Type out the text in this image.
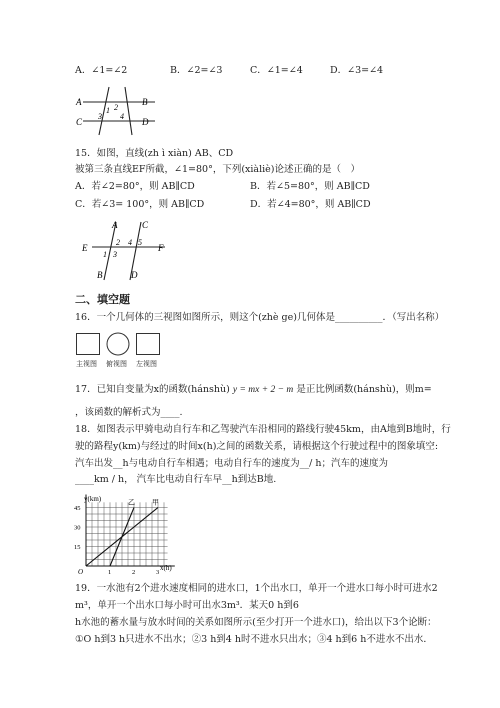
A．∠1=∠2	B．∠2=∠3	C．∠1=∠4	D．∠3=∠4
A	B
C	D
1 2
3 4
15．如图，直线(zh ì xiàn) AB、CD
被第三条直线EF所截，∠1=80°，下列(xiàliè)论述正确的是（　）
A．若∠2=80°，则 AB∥CD	B．若∠5=80°，则 AB∥CD
C．若∠3= 100°，则 AB∥CD	D．若∠4=80°，则 AB∥CD
A	C
E	F
B	D
1
2
3
4 5
二、填空题
16．一个几何体的三视图如图所示，则这个(zhè ge)几何体是__________．（写出名称）
主视图 俯视图 左视图
17．已知自变量为x的函数(hánshù) y = mx + 2 − m 是正比例函数(hánshù)，则m=
，该函数的解析式为____.
18．如图表示甲骑电动自行车和乙驾驶汽车沿相同的路线行驶45km，由A地到B地时，行
驶的路程y(km)与经过的时间x(h)之间的函数关系，请根据这个行驶过程中的图象填空:
汽车出发__h与电动自行车相遇；电动自行车的速度为__/ h；汽车的速度为
____km / h， 汽车比电动自行车早__h到达B地.
15
30
45
1	2	3
乙 甲
y(km)
x(h)
O
19．一水池有2个进水速度相同的进水口，1个出水口，单开一个进水口每小时可进水2
m³，单开一个出水口每小时可出水3m³．某天0 h到6
h水池的蓄水量与放水时间的关系如图所示(至少打开一个进水口)，给出以下3个论断：
①O h到3 h只进水不出水；②3 h到4 h时不进水只出水；③4 h到6 h不进水不出水．
